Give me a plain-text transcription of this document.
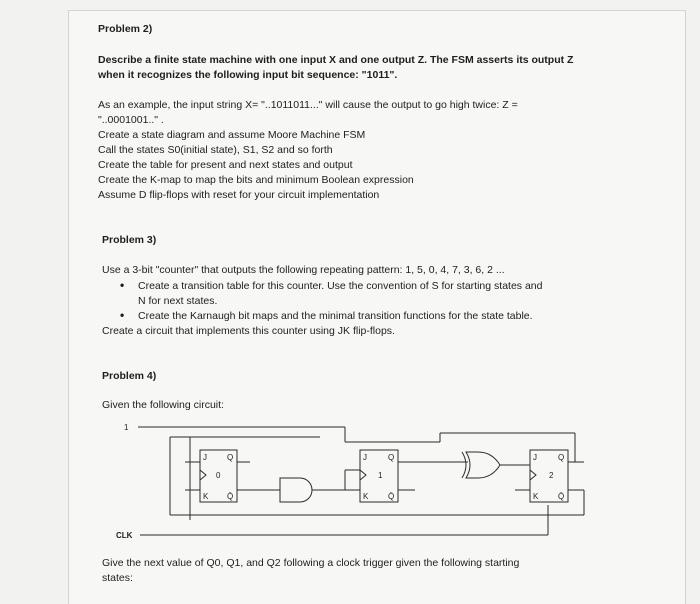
Problem 2)
Describe a finite state machine with one input X and one output Z. The FSM asserts its output Z
when it recognizes the following input bit sequence: "1011".
As an example, the input string X= "..1011011..." will cause the output to go high twice: Z =
"..0001001.." .
Create a state diagram and assume Moore Machine FSM
Call the states S0(initial state), S1, S2 and so forth
Create the table for present and next states and output
Create the K-map to map the bits and minimum Boolean expression
Assume D flip-flops with reset for your circuit implementation
Problem 3)
Use a 3-bit "counter" that outputs the following repeating pattern: 1, 5, 0, 4, 7, 3, 6, 2 ...
• Create a transition table for this counter. Use the convention of S for starting states and
N for next states.
• Create the Karnaugh bit maps and the minimal transition functions for the state table.
Create a circuit that implements this counter using JK flip-flops.
Problem 4)
Given the following circuit:
J	Q
0
K Q̄
J	Q
1
K Q̄
J	Q
2
K Q̄
1
CLK
Give the next value of Q0, Q1, and Q2 following a clock trigger given the following starting
states:
